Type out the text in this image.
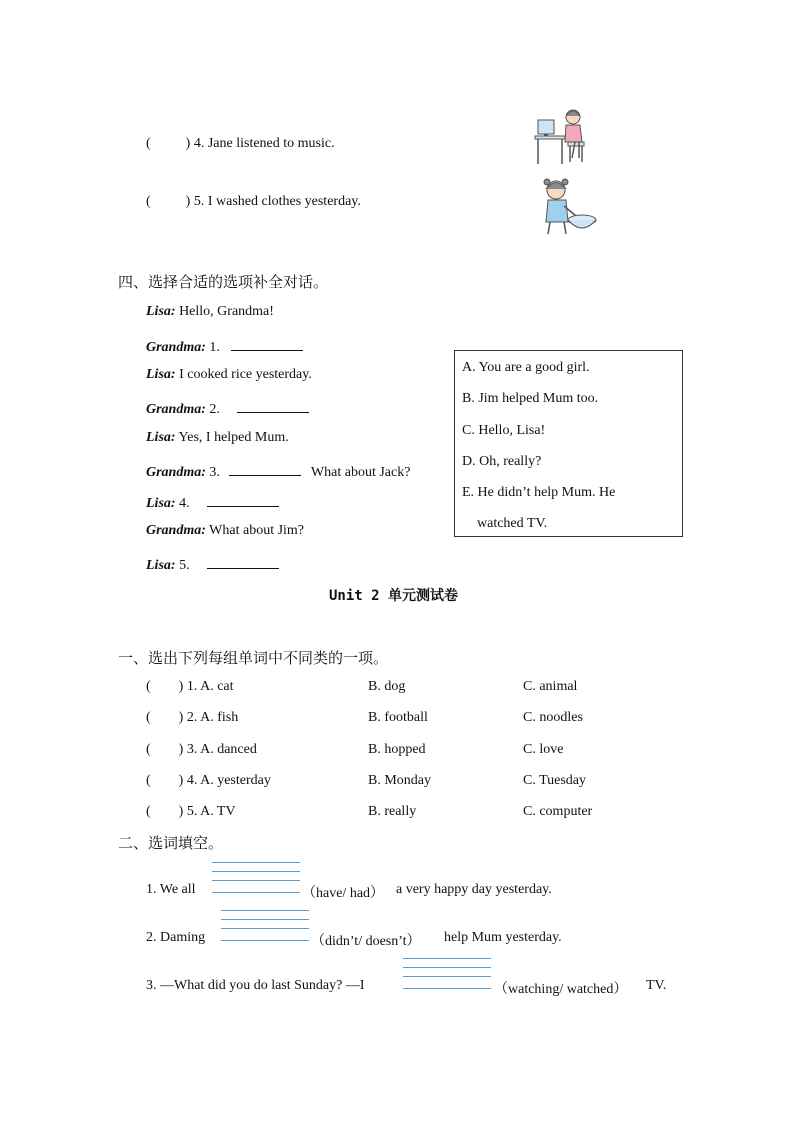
(	) 4. Jane listened to music.
(	) 5. I washed clothes yesterday.
四、选择合适的选项补全对话。
Lisa: Hello, Grandma!
Grandma: 1.
Lisa: I cooked rice yesterday.
Grandma: 2.
Lisa: Yes, I helped Mum.
Grandma: 3.	What about Jack?
Lisa: 4.
Grandma: What about Jim?
Lisa: 5.
A. You are a good girl.
B. Jim helped Mum too.
C. Hello, Lisa!
D. Oh, really?
E. He didn’t help Mum. He
watched TV.
Unit 2 单元测试卷
一、选出下列每组单词中不同类的一项。
( ) 1. A. cat	B. dog	C. animal
( ) 2. A. fish	B. football	C. noodles
( ) 3. A. danced	B. hopped	C. love
( ) 4. A. yesterday	B. Monday	C. Tuesday
( ) 5. A. TV	B. really	C. computer
二、选词填空。
1. We all	（have/ had） a very happy day yesterday.
2. Daming	（didn’t/ doesn’t） help Mum yesterday.
3. —What did you do last Sunday? —I	（watching/ watched） TV.
